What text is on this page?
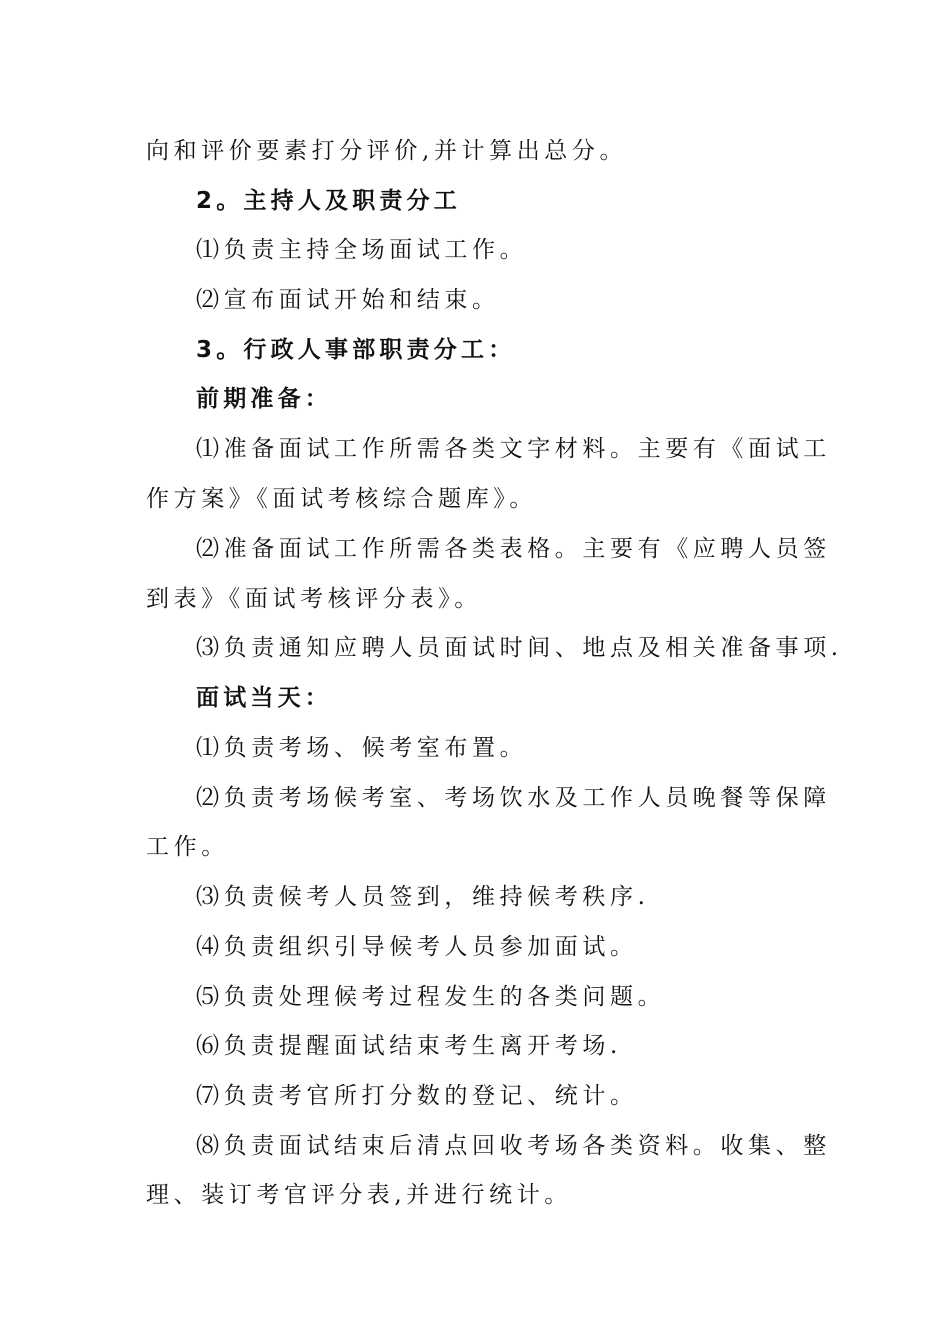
向和评价要素打分评价,并计算出总分。
2。主持人及职责分工
⑴负责主持全场面试工作。
⑵宣布面试开始和结束。
3。行政人事部职责分工：
前期准备：
⑴准备面试工作所需各类文字材料。主要有《面试工
作方案》《面试考核综合题库》。
⑵准备面试工作所需各类表格。主要有《应聘人员签
到表》《面试考核评分表》。
⑶负责通知应聘人员面试时间、地点及相关准备事项.
面试当天：
⑴负责考场、候考室布置。
⑵负责考场候考室、考场饮水及工作人员晚餐等保障
工作。
⑶负责候考人员签到，维持候考秩序.
⑷负责组织引导候考人员参加面试。
⑸负责处理候考过程发生的各类问题。
⑹负责提醒面试结束考生离开考场.
⑺负责考官所打分数的登记、统计。
⑻负责面试结束后清点回收考场各类资料。收集、整
理、装订考官评分表,并进行统计。
